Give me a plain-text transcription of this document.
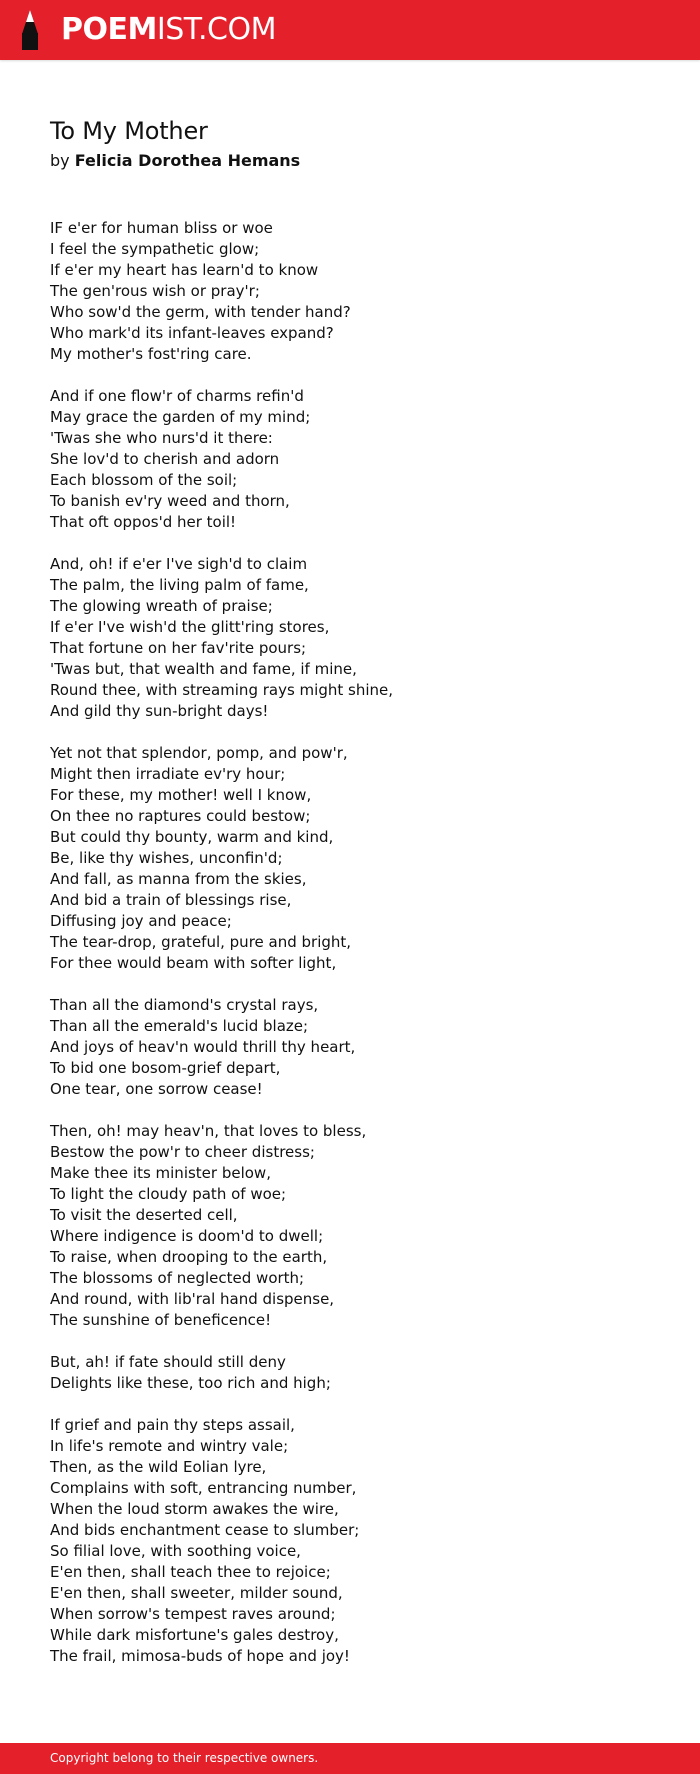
POEMIST.COM
To My Mother
by Felicia Dorothea Hemans
IF e'er for human bliss or woe
I feel the sympathetic glow;
If e'er my heart has learn'd to know
The gen'rous wish or pray'r;
Who sow'd the germ, with tender hand?
Who mark'd its infant-leaves expand?
My mother's fost'ring care.
And if one flow'r of charms refin'd
May grace the garden of my mind;
'Twas she who nurs'd it there:
She lov'd to cherish and adorn
Each blossom of the soil;
To banish ev'ry weed and thorn,
That oft oppos'd her toil!
And, oh! if e'er I've sigh'd to claim
The palm, the living palm of fame,
The glowing wreath of praise;
If e'er I've wish'd the glitt'ring stores,
That fortune on her fav'rite pours;
'Twas but, that wealth and fame, if mine,
Round thee, with streaming rays might shine,
And gild thy sun-bright days!
Yet not that splendor, pomp, and pow'r,
Might then irradiate ev'ry hour;
For these, my mother! well I know,
On thee no raptures could bestow;
But could thy bounty, warm and kind,
Be, like thy wishes, unconfin'd;
And fall, as manna from the skies,
And bid a train of blessings rise,
Diffusing joy and peace;
The tear-drop, grateful, pure and bright,
For thee would beam with softer light,
Than all the diamond's crystal rays,
Than all the emerald's lucid blaze;
And joys of heav'n would thrill thy heart,
To bid one bosom-grief depart,
One tear, one sorrow cease!
Then, oh! may heav'n, that loves to bless,
Bestow the pow'r to cheer distress;
Make thee its minister below,
To light the cloudy path of woe;
To visit the deserted cell,
Where indigence is doom'd to dwell;
To raise, when drooping to the earth,
The blossoms of neglected worth;
And round, with lib'ral hand dispense,
The sunshine of beneficence!
But, ah! if fate should still deny
Delights like these, too rich and high;
If grief and pain thy steps assail,
In life's remote and wintry vale;
Then, as the wild Eolian lyre,
Complains with soft, entrancing number,
When the loud storm awakes the wire,
And bids enchantment cease to slumber;
So filial love, with soothing voice,
E'en then, shall teach thee to rejoice;
E'en then, shall sweeter, milder sound,
When sorrow's tempest raves around;
While dark misfortune's gales destroy,
The frail, mimosa-buds of hope and joy!
Copyright belong to their respective owners.
